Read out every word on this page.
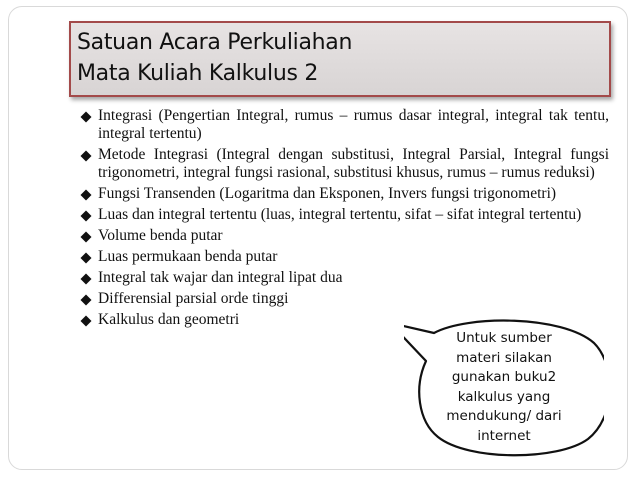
Satuan Acara Perkuliahan
Mata Kuliah Kalkulus 2
Integrasi (Pengertian Integral, rumus – rumus dasar integral, integral tak tentu, integral tertentu)
Metode Integrasi (Integral dengan substitusi, Integral Parsial, Integral fungsi trigonometri, integral fungsi rasional, substitusi khusus, rumus – rumus reduksi)
Fungsi Transenden (Logaritma dan Eksponen, Invers fungsi trigonometri)
Luas dan integral tertentu (luas, integral tertentu, sifat – sifat integral tertentu)
Volume benda putar
Luas permukaan benda putar
Integral tak wajar dan integral lipat dua
Differensial parsial orde tinggi
Kalkulus dan geometri
Untuk sumber
materi silakan
gunakan buku2
kalkulus yang
mendukung/ dari
internet
